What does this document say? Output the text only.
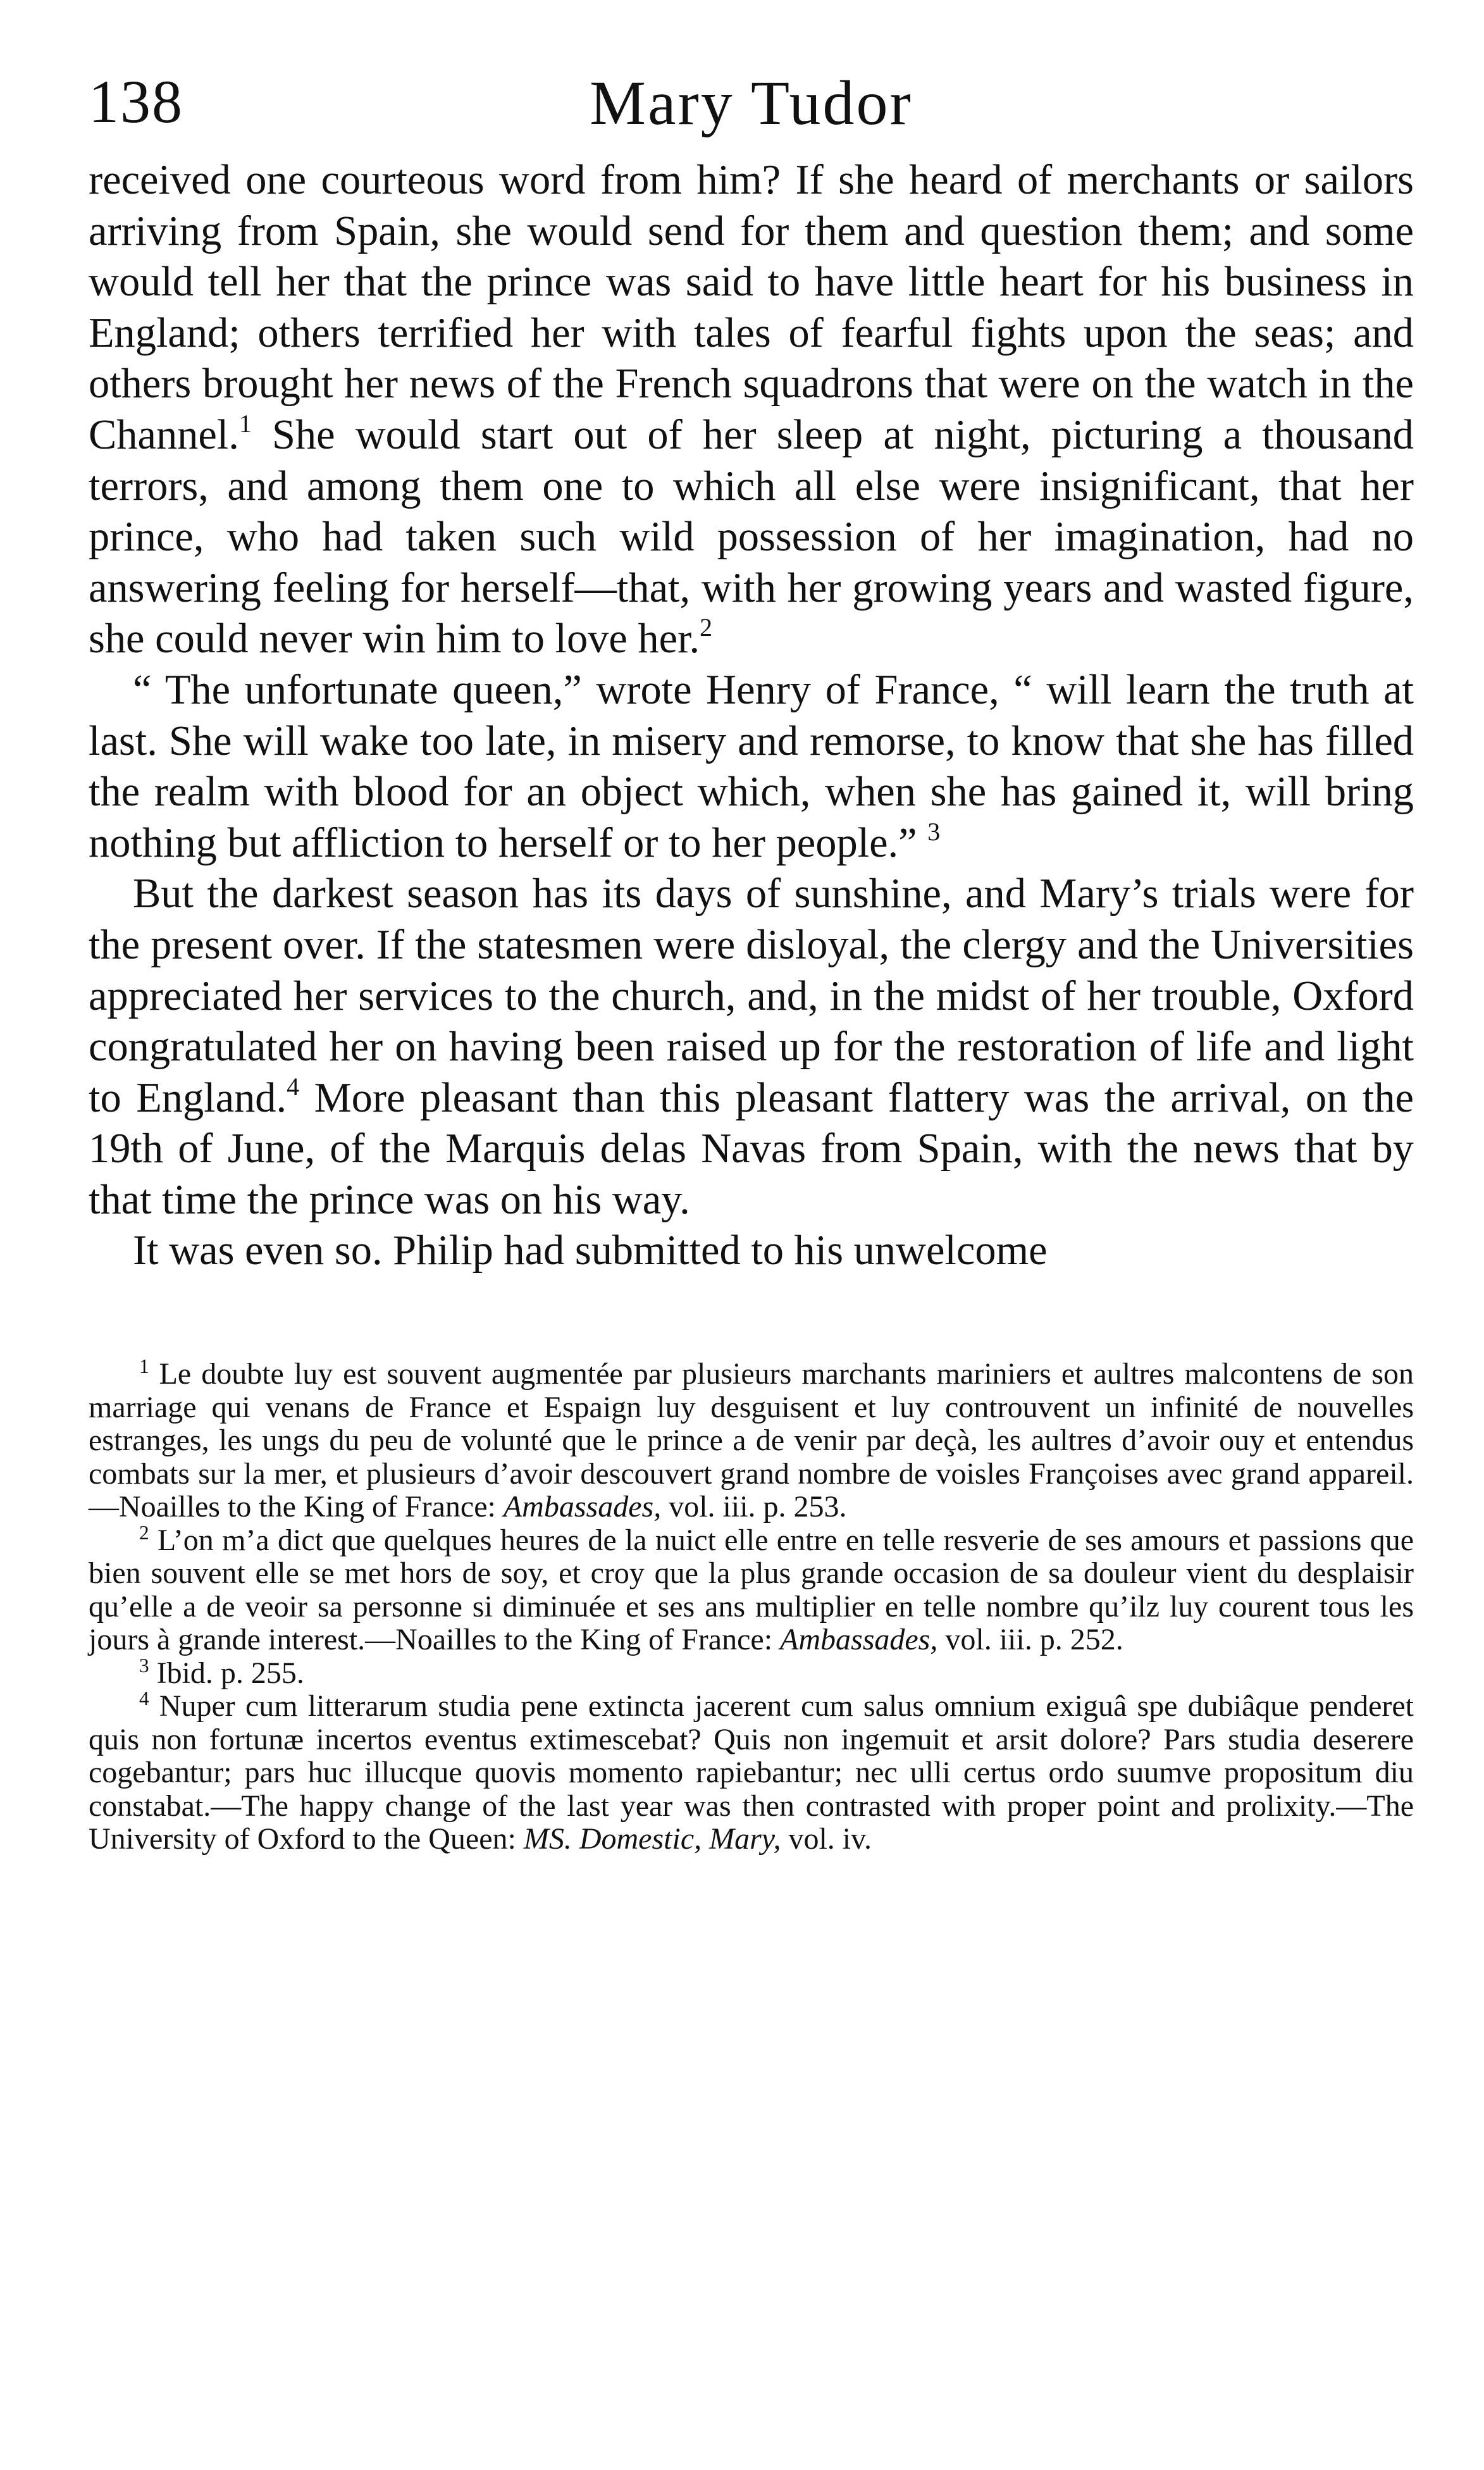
138	Mary Tudor

received one courteous word from him? If she heard of merchants or sailors arriving from Spain, she would send for them and question them; and some would tell her that the prince was said to have little heart for his business in England; others terrified her with tales of fearful fights upon the seas; and others brought her news of the French squadrons that were on the watch in the Channel.$^1$ She would start out of her sleep at night, picturing a thousand terrors, and among them one to which all else were insignificant, that her prince, who had taken such wild possession of her imagination, had no answering feeling for herself—that, with her growing years and wasted figure, she could never win him to love her.$^2$

“ The unfortunate queen,” wrote Henry of France, “ will learn the truth at last. She will wake too late, in misery and remorse, to know that she has filled the realm with blood for an object which, when she has gained it, will bring nothing but affliction to herself or to her people.” $^3$

But the darkest season has its days of sunshine, and Mary’s trials were for the present over. If the statesmen were disloyal, the clergy and the Universities appreciated her services to the church, and, in the midst of her trouble, Oxford congratulated her on having been raised up for the restoration of life and light to England.$^4$ More pleasant than this pleasant flattery was the arrival, on the 19th of June, of the Marquis delas Navas from Spain, with the news that by that time the prince was on his way.

It was even so. Philip had submitted to his unwelcome

$^1$ Le doubte luy est souvent augmentée par plusieurs marchants mariniers et aultres malcontens de son marriage qui venans de France et Espaign luy desguisent et luy controuvent un infinité de nouvelles estranges, les ungs du peu de volunté que le prince a de venir par deçà, les aultres d’avoir ouy et entendus combats sur la mer, et plusieurs d’avoir descouvert grand nombre de voisles Françoises avec grand appareil.—Noailles to the King of France: Ambassades, vol. iii. p. 253.

$^2$ L’on m’a dict que quelques heures de la nuict elle entre en telle resverie de ses amours et passions que bien souvent elle se met hors de soy, et croy que la plus grande occasion de sa douleur vient du desplaisir qu’elle a de veoir sa personne si diminuée et ses ans multiplier en telle nombre qu’ilz luy courent tous les jours à grande interest.—Noailles to the King of France: Ambassades, vol. iii. p. 252.

$^3$ Ibid. p. 255.

$^4$ Nuper cum litterarum studia pene extincta jacerent cum salus omnium exiguâ spe dubiâque penderet quis non fortunæ incertos eventus extimescebat? Quis non ingemuit et arsit dolore? Pars studia deserere cogebantur; pars huc illucque quovis momento rapiebantur; nec ulli certus ordo suumve propositum diu constabat.—The happy change of the last year was then contrasted with proper point and prolixity.—The University of Oxford to the Queen: MS. Domestic, Mary, vol. iv.
